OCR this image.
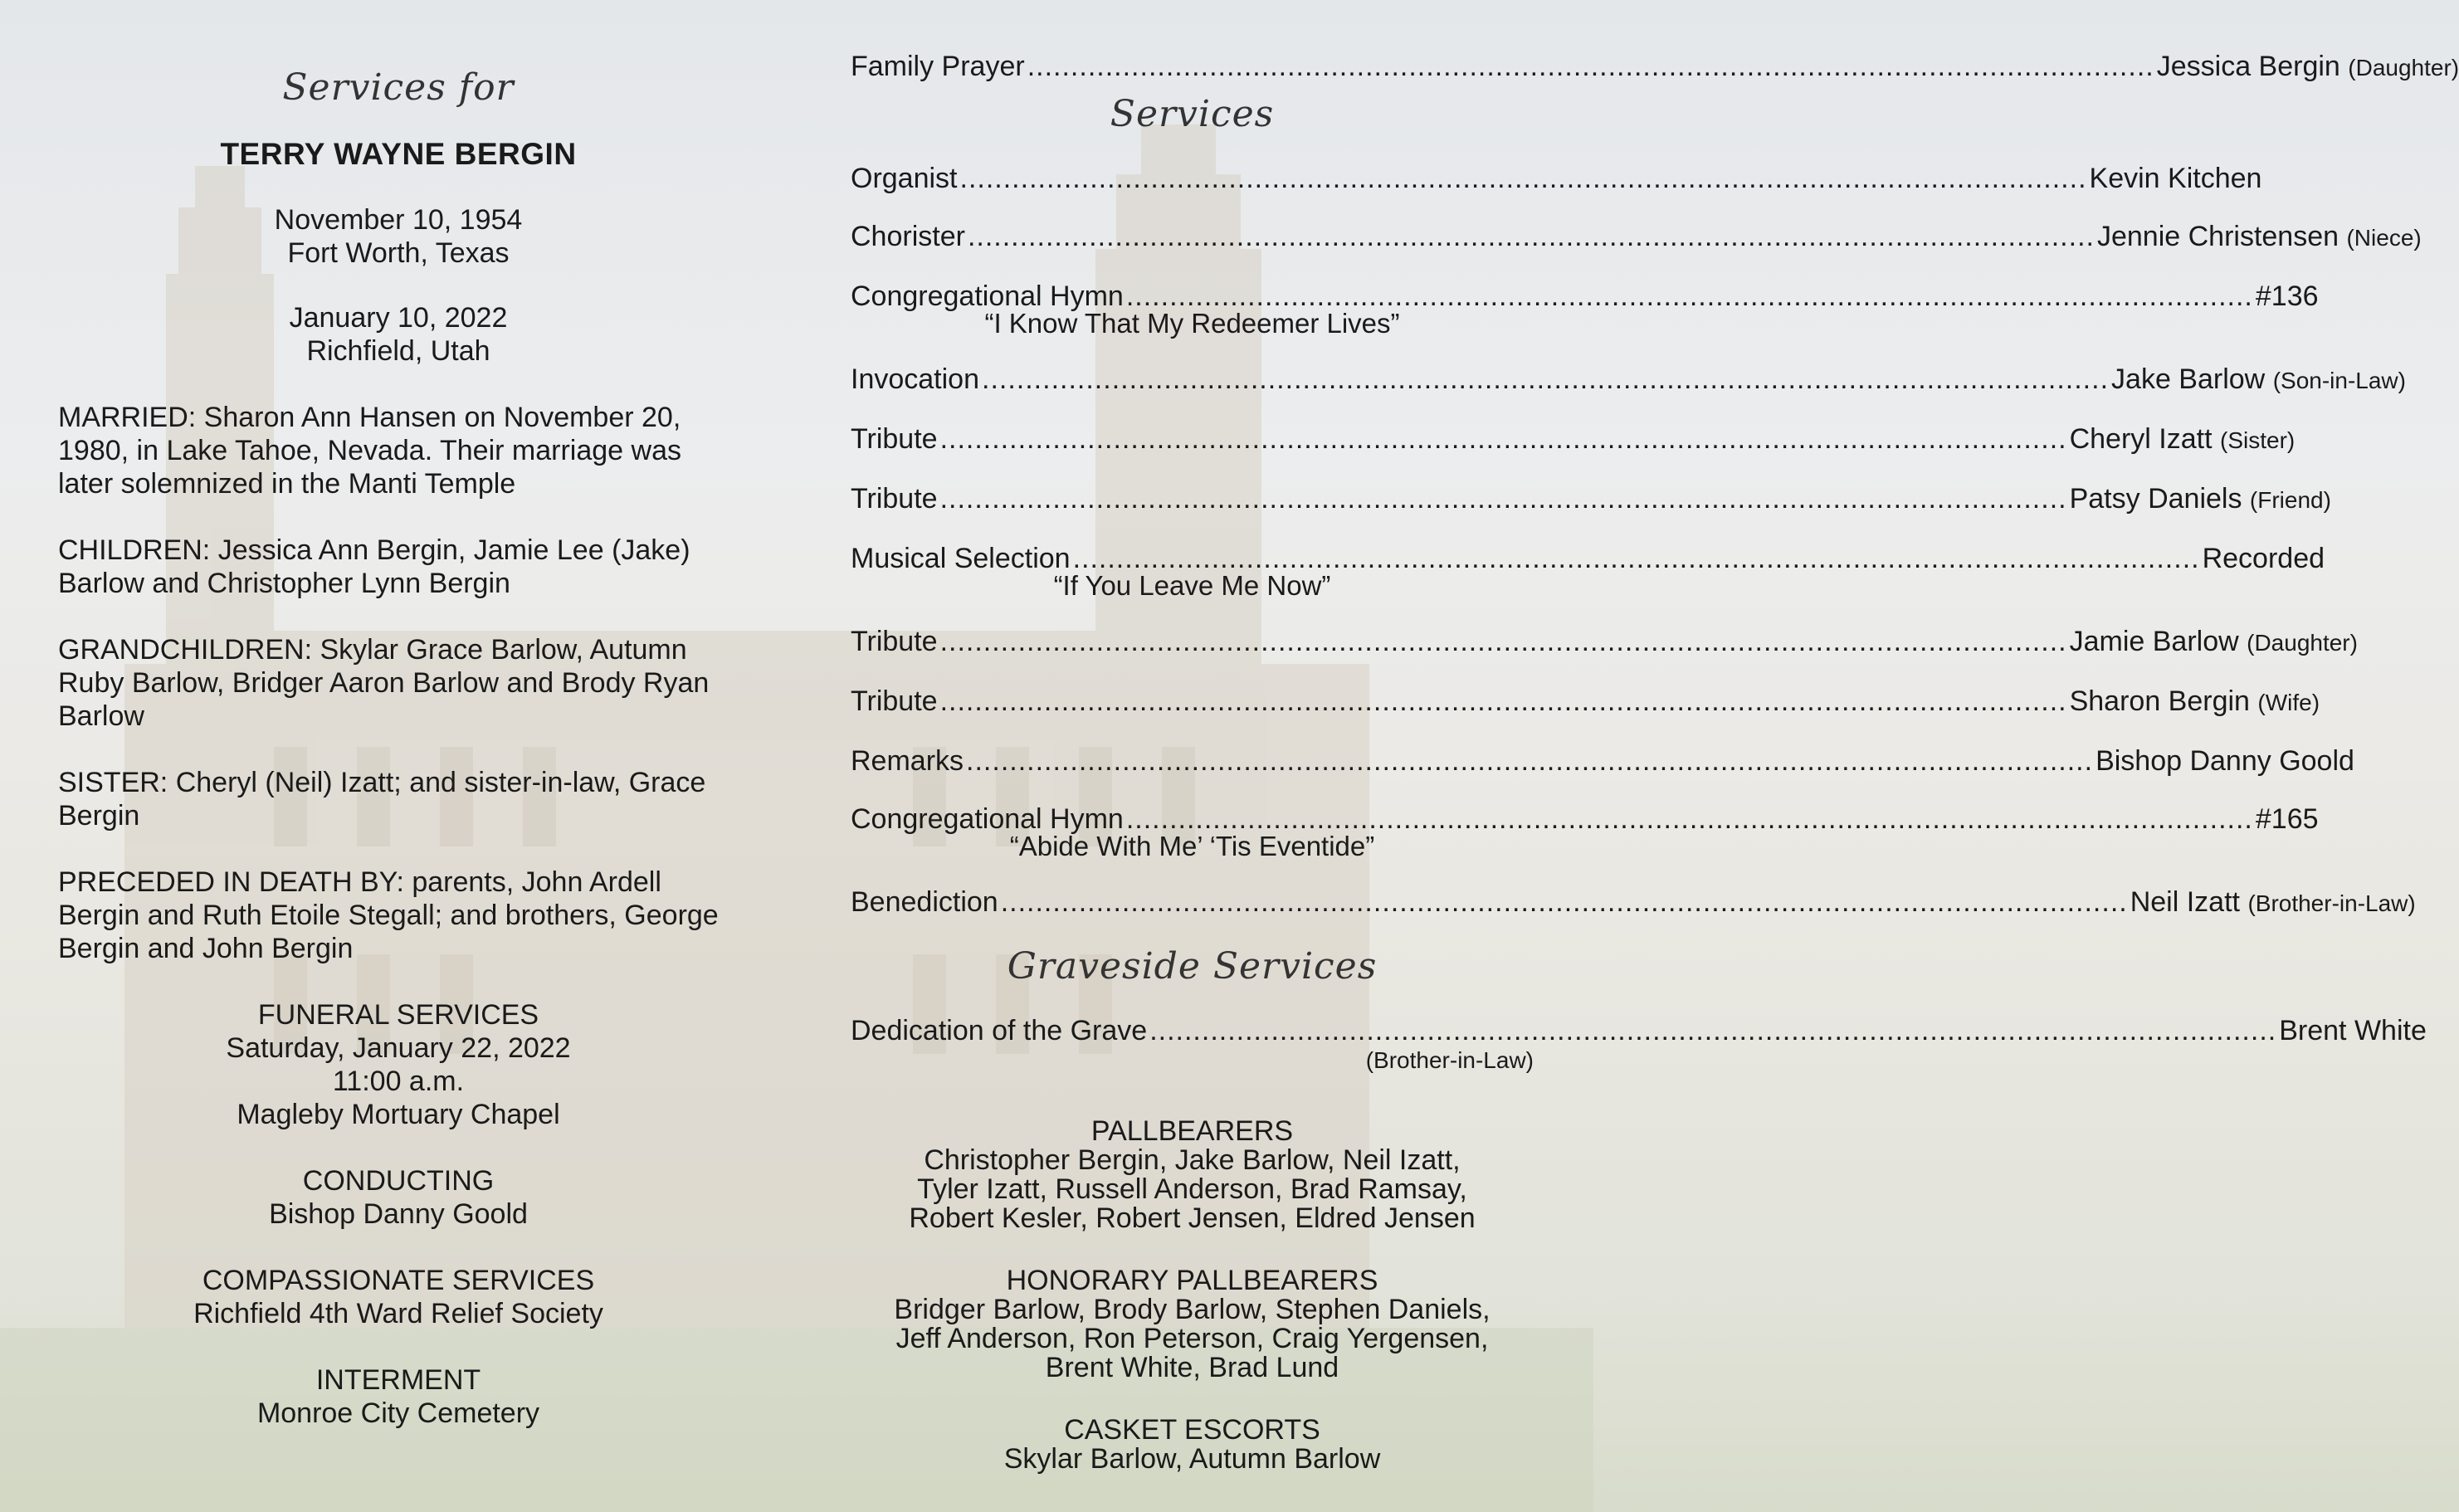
Services for
TERRY WAYNE BERGIN
November 10, 1954
Fort Worth, Texas
January 10, 2022
Richfield, Utah

MARRIED: Sharon Ann Hansen on November 20, 1980, in Lake Tahoe, Nevada. Their marriage was later solemnized in the Manti Temple

CHILDREN: Jessica Ann Bergin, Jamie Lee (Jake) Barlow and Christopher Lynn Bergin

GRANDCHILDREN: Skylar Grace Barlow, Autumn Ruby Barlow, Bridger Aaron Barlow and Brody Ryan Barlow

SISTER: Cheryl (Neil) Izatt; and sister-in-law, Grace Bergin

PRECEDED IN DEATH BY: parents, John Ardell Bergin and Ruth Etoile Stegall; and brothers, George Bergin and John Bergin

FUNERAL SERVICES
Saturday, January 22, 2022
11:00 a.m.
Magleby Mortuary Chapel
CONDUCTING
Bishop Danny Goold
COMPASSIONATE SERVICES
Richfield 4th Ward Relief Society
INTERMENT
Monroe City Cemetery
Family Prayer .................................................................................................................................. Jessica Bergin (Daughter)
Services
Organist .................................................................................................................................. Kevin Kitchen
Chorister .................................................................................................................................. Jennie Christensen (Niece)
Congregational Hymn .................................................................................................................................. #136
“I Know That My Redeemer Lives”
Invocation .................................................................................................................................. Jake Barlow (Son-in-Law)
Tribute .................................................................................................................................. Cheryl Izatt (Sister)
Tribute .................................................................................................................................. Patsy Daniels (Friend)
Musical Selection .................................................................................................................................. Recorded
“If You Leave Me Now”
Tribute .................................................................................................................................. Jamie Barlow (Daughter)
Tribute .................................................................................................................................. Sharon Bergin (Wife)
Remarks .................................................................................................................................. Bishop Danny Goold
Congregational Hymn .................................................................................................................................. #165
“Abide With Me’ ‘Tis Eventide”
Benediction .................................................................................................................................. Neil Izatt (Brother-in-Law)
Graveside Services
Dedication of the Grave .................................................................................................................................. Brent White
(Brother-in-Law)
PALLBEARERS
Christopher Bergin, Jake Barlow, Neil Izatt,
Tyler Izatt, Russell Anderson, Brad Ramsay,
Robert Kesler, Robert Jensen, Eldred Jensen
HONORARY PALLBEARERS
Bridger Barlow, Brody Barlow, Stephen Daniels,
Jeff Anderson, Ron Peterson, Craig Yergensen,
Brent White, Brad Lund
CASKET ESCORTS
Skylar Barlow, Autumn Barlow
